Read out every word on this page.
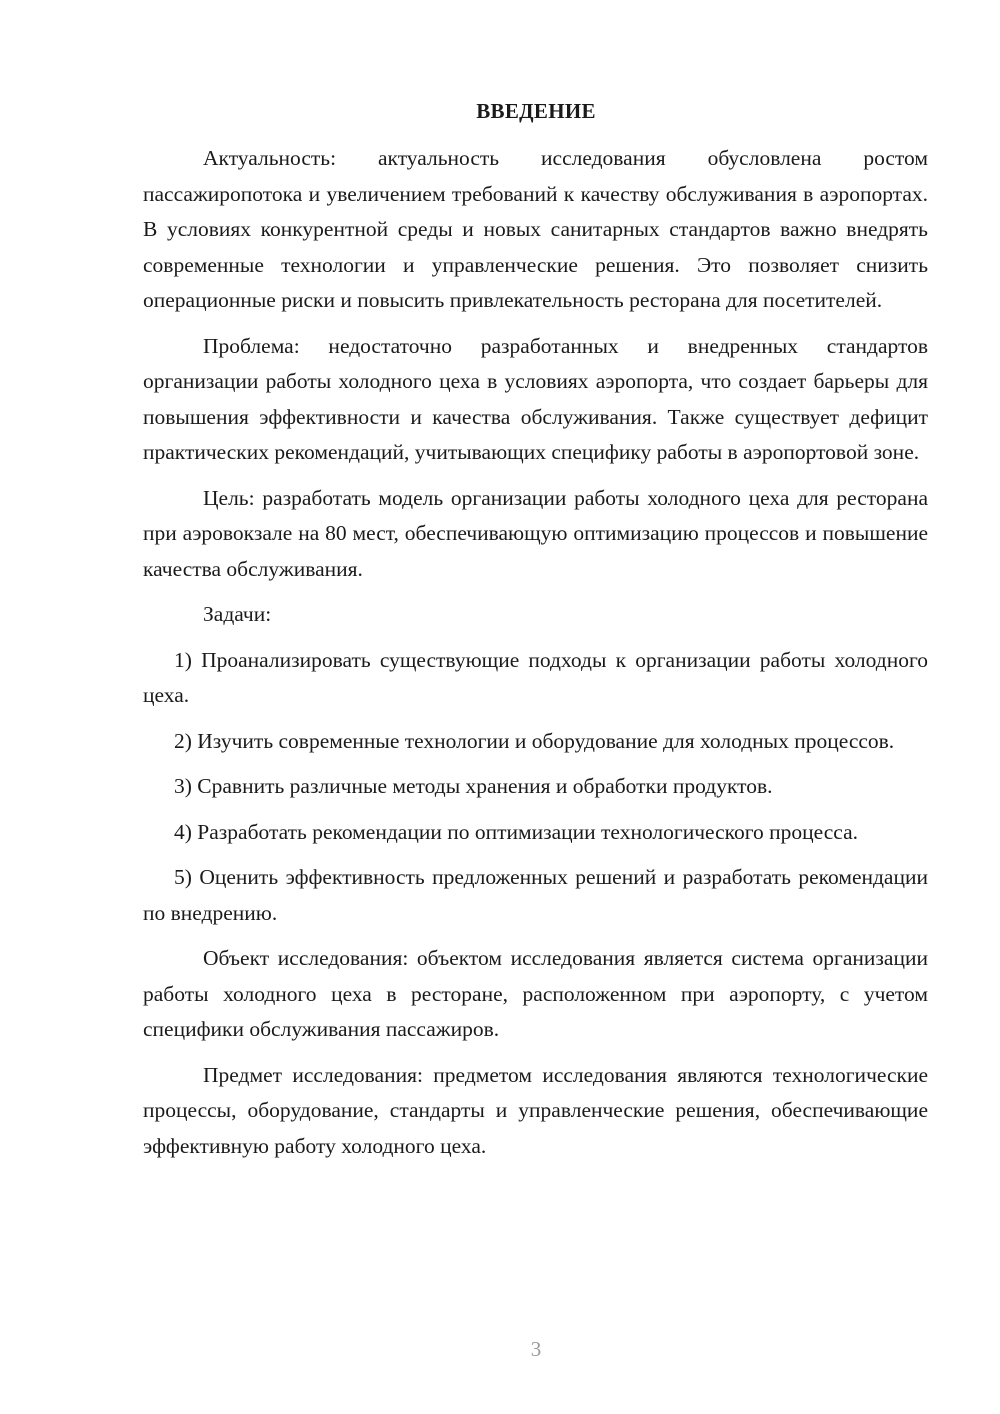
ВВЕДЕНИЕ

Актуальность: актуальность исследования обусловлена ростом пассажиропотока и увеличением требований к качеству обслуживания в аэропортах. В условиях конкурентной среды и новых санитарных стандартов важно внедрять современные технологии и управленческие решения. Это позволяет снизить операционные риски и повысить привлекательность ресторана для посетителей.

Проблема: недостаточно разработанных и внедренных стандартов организации работы холодного цеха в условиях аэропорта, что создает барьеры для повышения эффективности и качества обслуживания. Также существует дефицит практических рекомендаций, учитывающих специфику работы в аэропортовой зоне.

Цель: разработать модель организации работы холодного цеха для ресторана при аэровокзале на 80 мест, обеспечивающую оптимизацию процессов и повышение качества обслуживания.

Задачи:

1) Проанализировать существующие подходы к организации работы холодного цеха.

2) Изучить современные технологии и оборудование для холодных процессов.

3) Сравнить различные методы хранения и обработки продуктов.

4) Разработать рекомендации по оптимизации технологического процесса.

5) Оценить эффективность предложенных решений и разработать рекомендации по внедрению.

Объект исследования: объектом исследования является система организации работы холодного цеха в ресторане, расположенном при аэропорту, с учетом специфики обслуживания пассажиров.

Предмет исследования: предметом исследования являются технологические процессы, оборудование, стандарты и управленческие решения, обеспечивающие эффективную работу холодного цеха.

3
